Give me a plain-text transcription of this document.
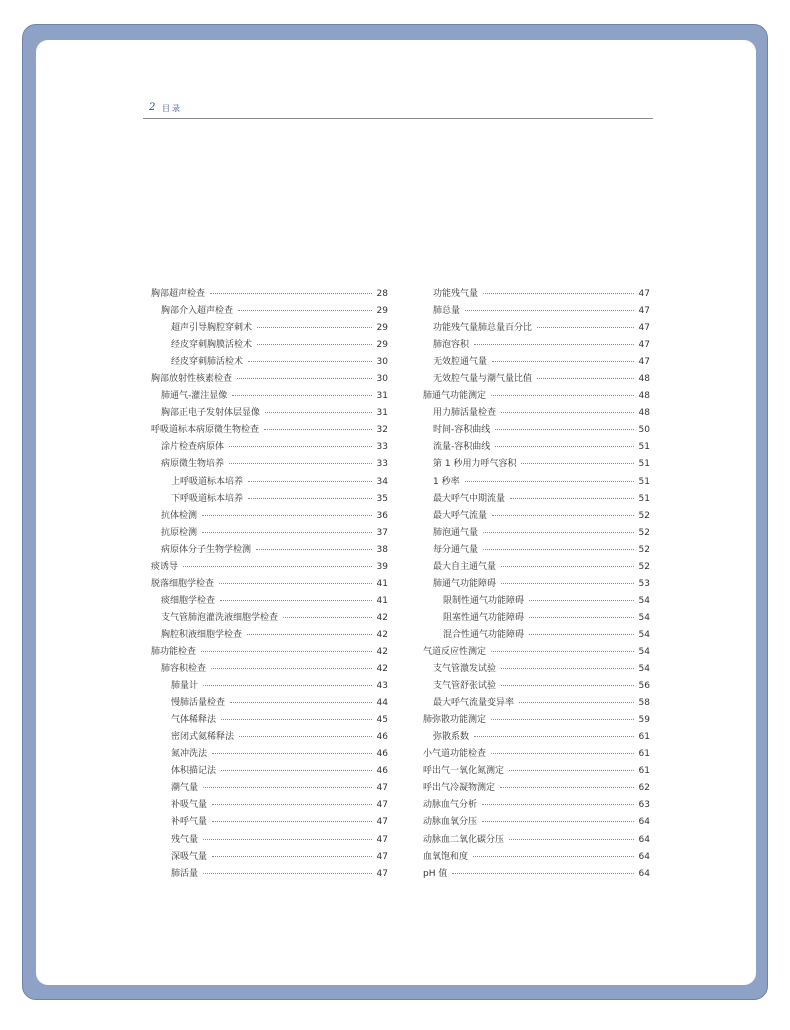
2 目录
胸部超声检查	28
胸部介入超声检查	29
超声引导胸腔穿刺术	29
经皮穿刺胸膜活检术	29
经皮穿刺肺活检术	30
胸部放射性核素检查	30
肺通气-灌注显像	31
胸部正电子发射体层显像	31
呼吸道标本病原微生物检查	32
涂片检查病原体	33
病原微生物培养	33
上呼吸道标本培养	34
下呼吸道标本培养	35
抗体检测	36
抗原检测	37
病原体分子生物学检测	38
痰诱导	39
脱落细胞学检查	41
痰细胞学检查	41
支气管肺泡灌洗液细胞学检查	42
胸腔积液细胞学检查	42
肺功能检查	42
肺容积检查	42
肺量计	43
慢肺活量检查	44
气体稀释法	45
密闭式氦稀释法	46
氮冲洗法	46
体积描记法	46
潮气量	47
补吸气量	47
补呼气量	47
残气量	47
深吸气量	47
肺活量	47
功能残气量	47
肺总量	47
功能残气量肺总量百分比	47
肺泡容积	47
无效腔通气量	47
无效腔气量与潮气量比值	48
肺通气功能测定	48
用力肺活量检查	48
时间-容积曲线	50
流量-容积曲线	51
第 1 秒用力呼气容积	51
1 秒率	51
最大呼气中期流量	51
最大呼气流量	52
肺泡通气量	52
每分通气量	52
最大自主通气量	52
肺通气功能障碍	53
限制性通气功能障碍	54
阻塞性通气功能障碍	54
混合性通气功能障碍	54
气道反应性测定	54
支气管激发试验	54
支气管舒张试验	56
最大呼气流量变异率	58
肺弥散功能测定	59
弥散系数	61
小气道功能检查	61
呼出气一氧化氮测定	61
呼出气冷凝物测定	62
动脉血气分析	63
动脉血氧分压	64
动脉血二氧化碳分压	64
血氧饱和度	64
pH 值	64
